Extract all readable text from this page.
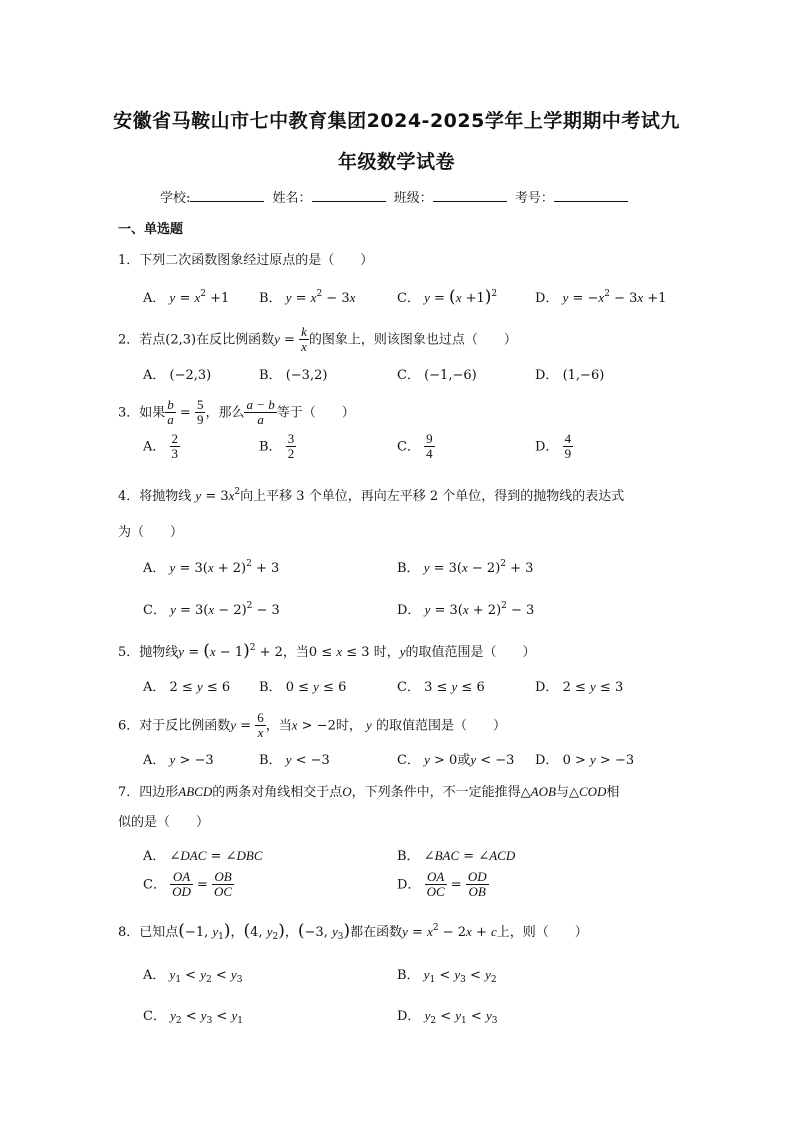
安徽省马鞍山市七中教育集团2024-2025学年上学期期中考试九
年级数学试卷
学校:	姓名：	班级：	考号：
一、单选题
1．下列二次函数图象经过原点的是（　　）
A． $y = x^2 +1$ B． $y = x^2 - 3x$	C． $y = (x +1)^2$	D． $y = -x^2 - 3x +1$
2．若点(2,3)在反比例函数$y = \frac{k}{x}$ 的图象上，则该图象也过点（　　）
A． (−2,3)	B． (−3,2)	C． (−1,−6)	D． (1,−6)
3．如果 $\frac{b}{a} = \frac{5}{9}$ ，那么 $\frac{a - b}{a}$ 等于（　　）
A． $\frac{2}{3}$	B． $\frac{3}{2}$	C． $\frac{9}{4}$	D． $\frac{4}{9}$
4．将抛物线 $y = 3x^2$向上平移 3 个单位，再向左平移 2 个单位，得到的抛物线的表达式
为（　　）
A． $y = 3(x + 2)^2 + 3$	B． $y = 3(x - 2)^2 + 3$
C． $y = 3(x - 2)^2 - 3$	D． $y = 3(x + 2)^2 - 3$
5．抛物线$y = (x - 1)^2 + 2$，当0 ≤ x ≤ 3 时，y的取值范围是（　　）
A． 2 ≤ y ≤ 6 B． 0 ≤ y ≤ 6	C． 3 ≤ y ≤ 6	D． 2 ≤ y ≤ 3
6．对于反比例函数$y = \frac{6}{x}$ ，当x > −2时， y 的取值范围是（　　）
A． y > −3	B． y < −3	C． y > 0或y < −3 D． 0 > y > −3
7．四边形ABCD的两条对角线相交于点O，下列条件中，不一定能推得△AOB与△COD相
似的是（　　）
A． ∠DAC = ∠DBC	B． ∠BAC = ∠ACD
C． $\frac{OA}{OD} = \frac{OB}{OC}$	D． $\frac{OA}{OC} = \frac{OD}{OB}$
8．已知点(−1, $y_1$)，(4, $y_2$)，(−3, $y_3$)都在函数$y = x^2 - 2x + c$上，则（　　）
A． $y_1 < y_2 < y_3$	B． $y_1 < y_3 < y_2$
C． $y_2 < y_3 < y_1$	D． $y_2 < y_1 < y_3$
